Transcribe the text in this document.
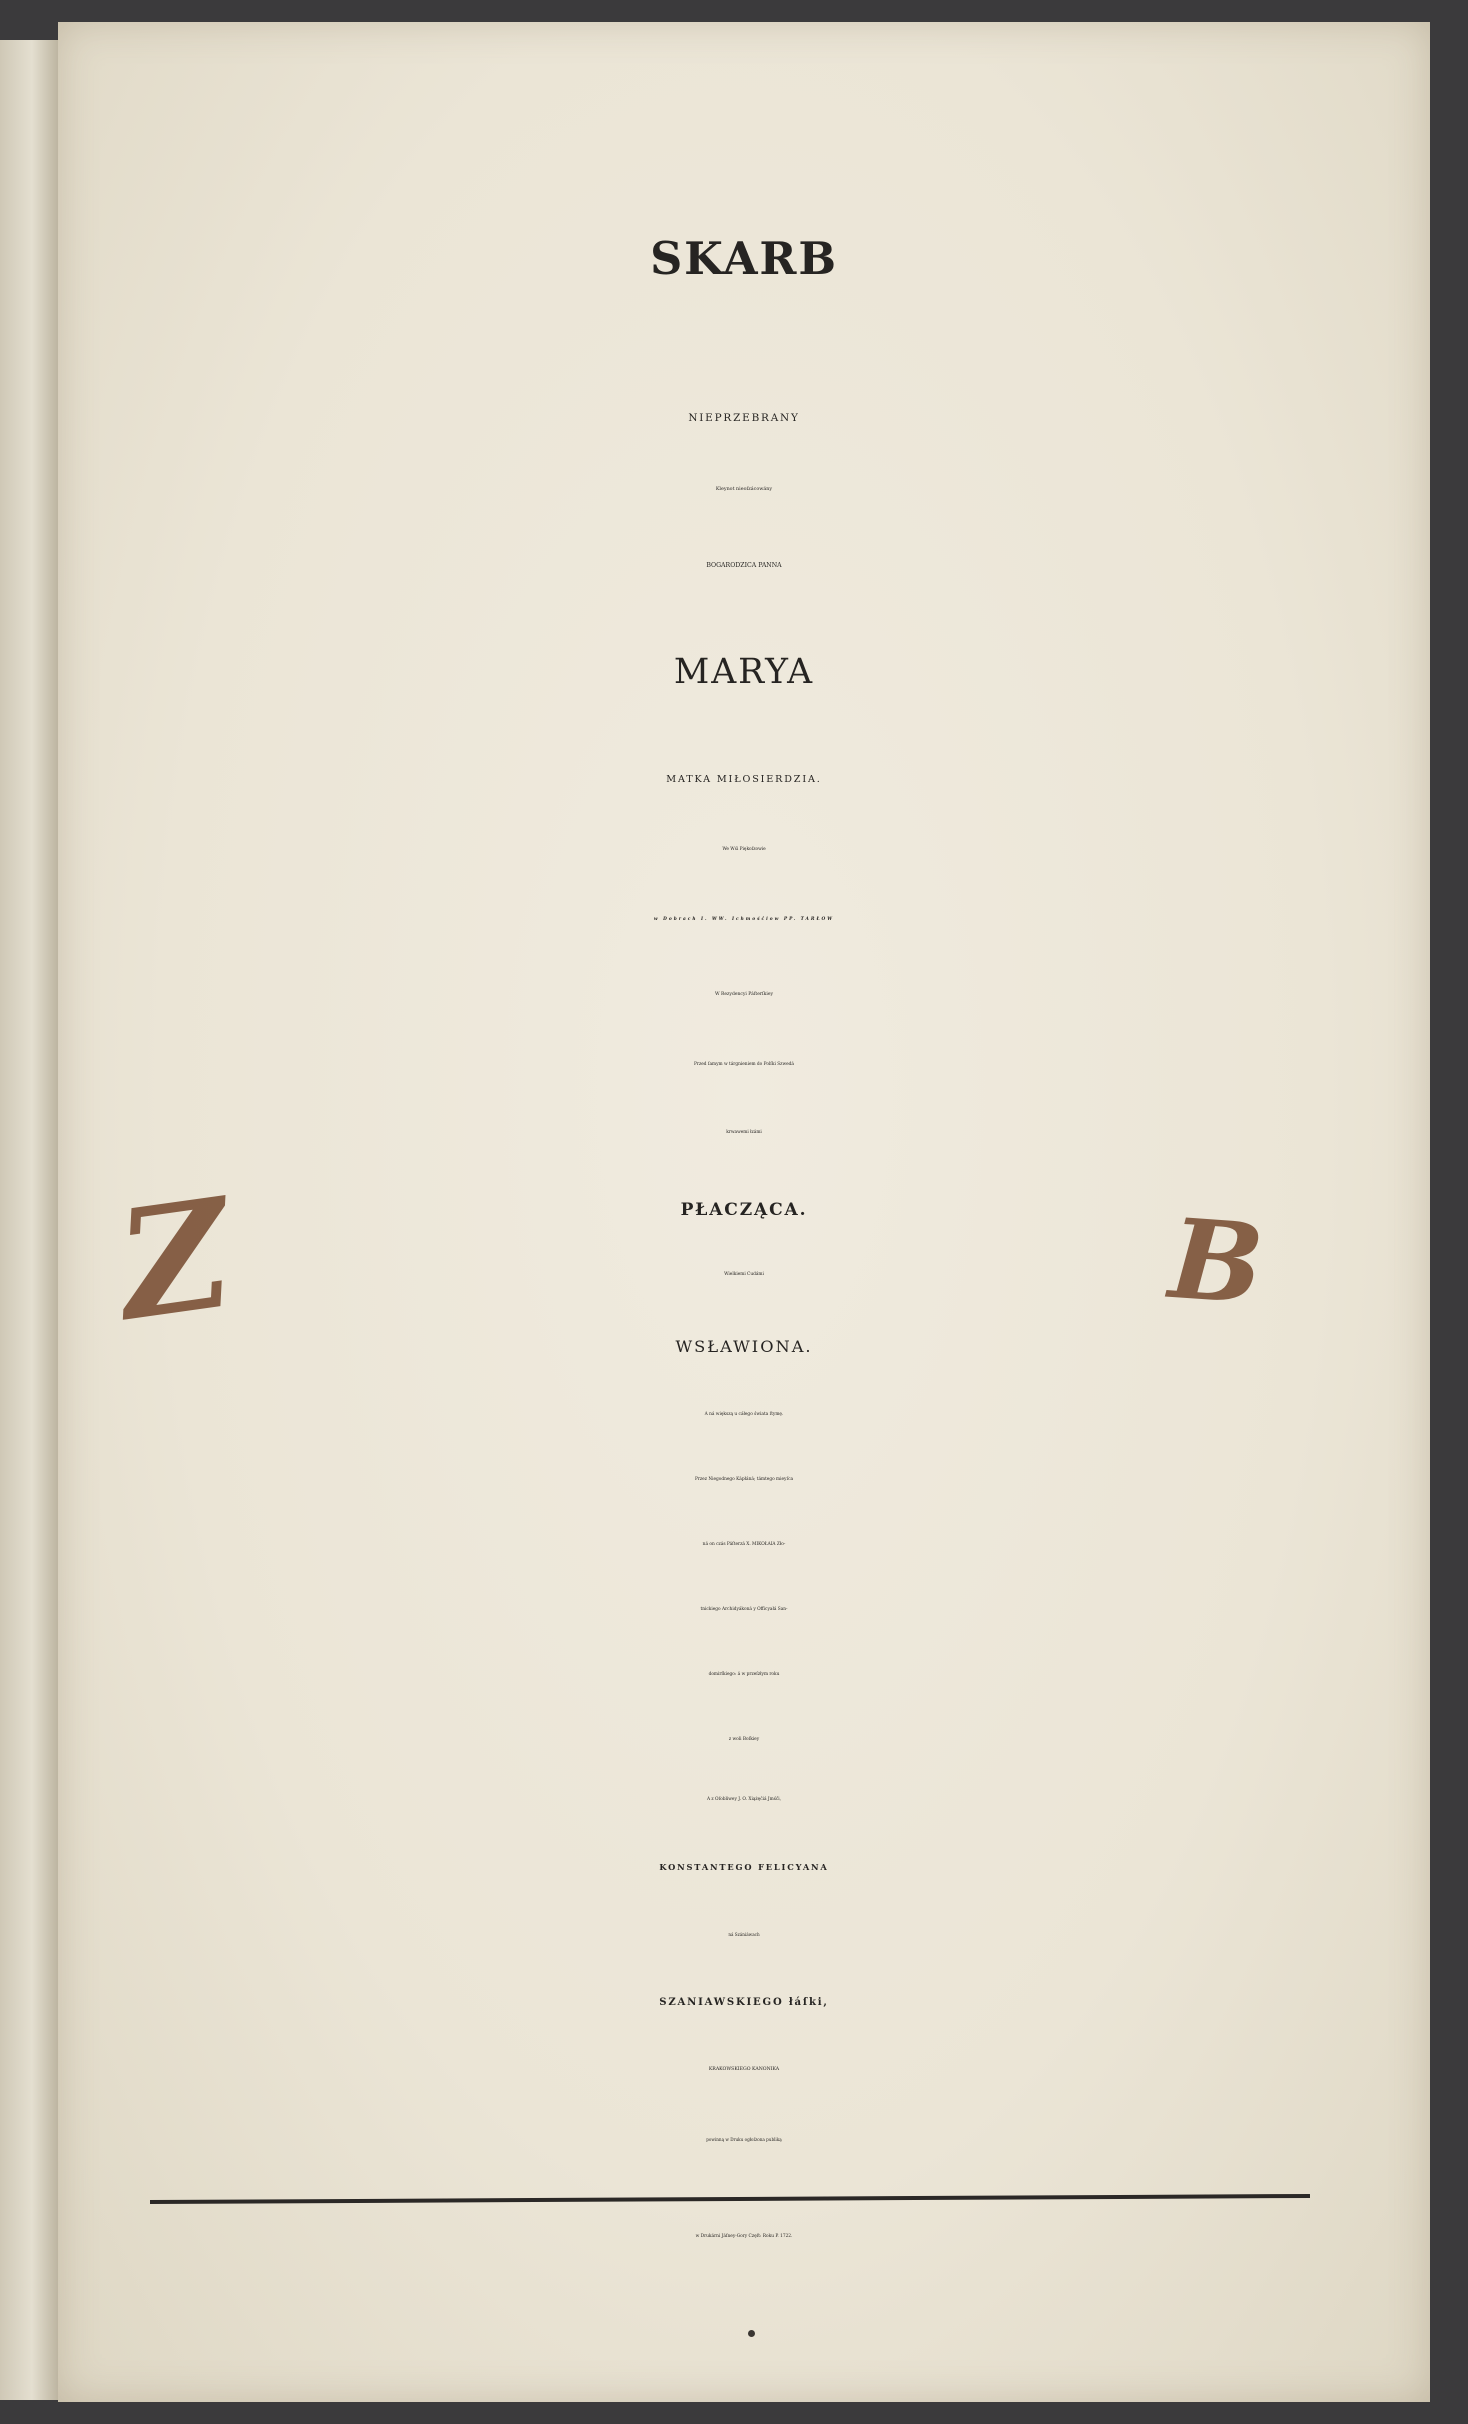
SKARB
NIEPRZEBRANY
Kleynot nieoſzácowány
BOGARODZICA PANNA
MARYA
MATKA MIŁOSIERDZIA.
We Wśi Piękoſzowie
w Dobrach I. WW. Ichmośćiow PP. TARŁOW
W Rezydencyi Páſterſkiey
Przed ſamym w tárgnieniem do Polſki Szwedá
krwawemi łzámi
PŁACZĄCA.
Wielkiemi Cudámi
WSŁAWIONA.
A ná większą u cáłego świata ſtymę.
Przez Niegodnego Kápłáná; támtego mieyſca
ná on czás Páſterzá X. MIKOŁAIA Zło-
tnickiego Archidyákoná y Officyałá San-
domirſkiego: á w przeſzłym roku
z woli Boſkiey
A z Oſobliwey J. O. Xiążęćiá Jmśći,
KONSTANTEGO FELICYANA
ná Szániáwach
SZANIAWSKIEGO łáſki,
KRAKOWSKIEGO KANONIKA
powinną w Druku ogłoſzona publiką
w Drukárni Jáſney-Gory Częſt: Roku P. 1722.
Z	B
